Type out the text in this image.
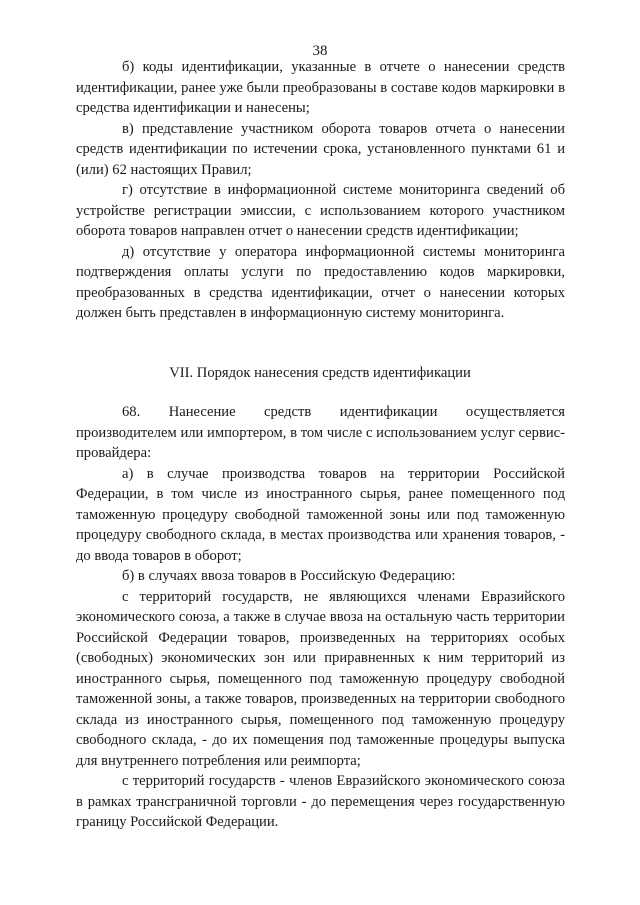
38

б) коды идентификации, указанные в отчете о нанесении средств идентификации, ранее уже были преобразованы в составе кодов маркировки в средства идентификации и нанесены;

в) представление участником оборота товаров отчета о нанесении средств идентификации по истечении срока, установленного пунктами 61 и (или) 62 настоящих Правил;

г) отсутствие в информационной системе мониторинга сведений об устройстве регистрации эмиссии, с использованием которого участником оборота товаров направлен отчет о нанесении средств идентификации;

д) отсутствие у оператора информационной системы мониторинга подтверждения оплаты услуги по предоставлению кодов маркировки, преобразованных в средства идентификации, отчет о нанесении которых должен быть представлен в информационную систему мониторинга.

VII. Порядок нанесения средств идентификации

68. Нанесение средств идентификации осуществляется производителем или импортером, в том числе с использованием услуг сервис-провайдера:

а) в случае производства товаров на территории Российской Федерации, в том числе из иностранного сырья, ранее помещенного под таможенную процедуру свободной таможенной зоны или под таможенную процедуру свободного склада, в местах производства или хранения товаров, - до ввода товаров в оборот;

б) в случаях ввоза товаров в Российскую Федерацию:

с территорий государств, не являющихся членами Евразийского экономического союза, а также в случае ввоза на остальную часть территории Российской Федерации товаров, произведенных на территориях особых (свободных) экономических зон или приравненных к ним территорий из иностранного сырья, помещенного под таможенную процедуру свободной таможенной зоны, а также товаров, произведенных на территории свободного склада из иностранного сырья, помещенного под таможенную процедуру свободного склада, - до их помещения под таможенные процедуры выпуска для внутреннего потребления или реимпорта;

с территорий государств - членов Евразийского экономического союза в рамках трансграничной торговли - до перемещения через государственную границу Российской Федерации.
